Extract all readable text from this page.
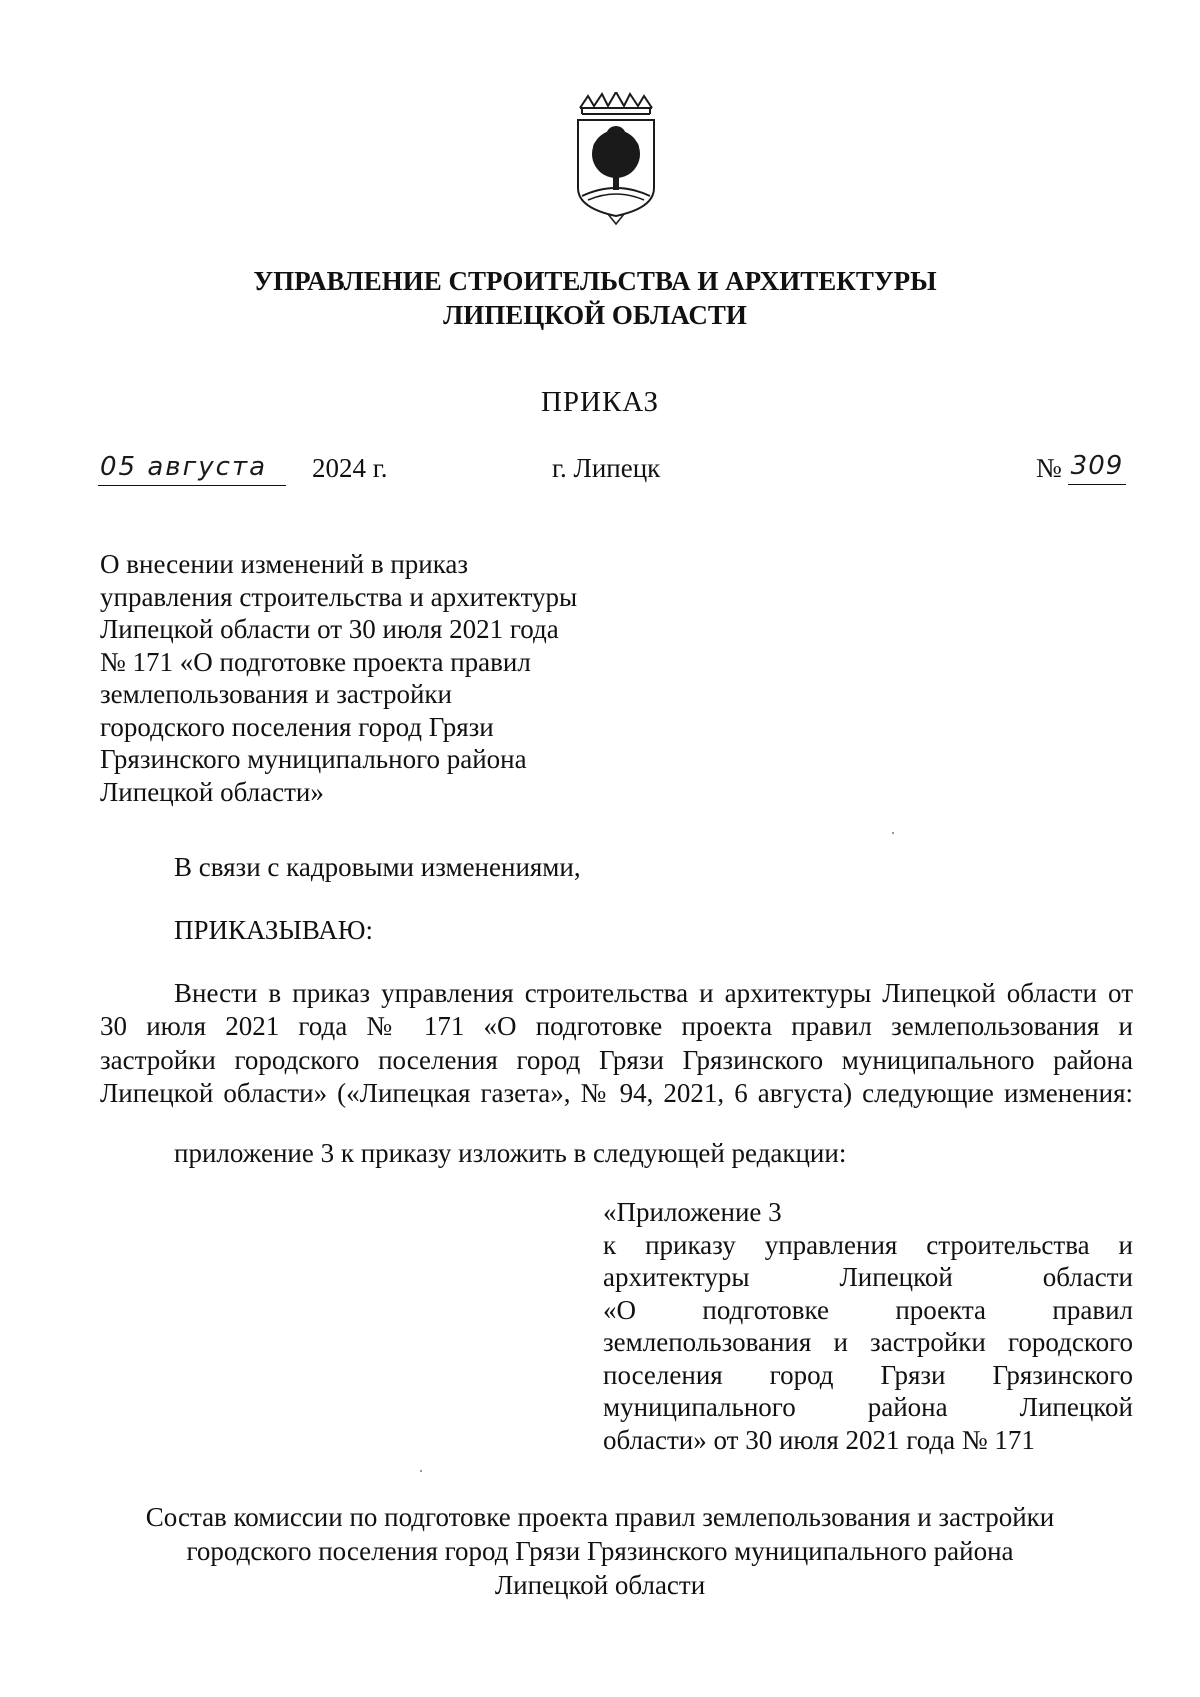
УПРАВЛЕНИЕ СТРОИТЕЛЬСТВА И АРХИТЕКТУРЫ
ЛИПЕЦКОЙ ОБЛАСТИ
ПРИКАЗ
05 августа	2024 г.	г. Липецк	№ 309
О внесении изменений в приказ
управления строительства и архитектуры
Липецкой области от 30 июля 2021 года
№ 171 «О подготовке проекта правил
землепользования и застройки
городского поселения город Грязи
Грязинского муниципального района
Липецкой области»
В связи с кадровыми изменениями,
ПРИКАЗЫВАЮ:
Внести в приказ управления строительства и архитектуры Липецкой области от
30 июля 2021 года № 171 «О подготовке проекта правил землепользования и
застройки городского поселения город Грязи Грязинского муниципального района
Липецкой области» («Липецкая газета», № 94, 2021, 6 августа) следующие изменения:
приложение 3 к приказу изложить в следующей редакции:
«Приложение 3
к приказу управления строительства и
архитектуры Липецкой области
«О подготовке проекта правил
землепользования и застройки городского
поселения город Грязи Грязинского
муниципального района Липецкой
области» от 30 июля 2021 года № 171
Состав комиссии по подготовке проекта правил землепользования и застройки
городского поселения город Грязи Грязинского муниципального района
Липецкой области
